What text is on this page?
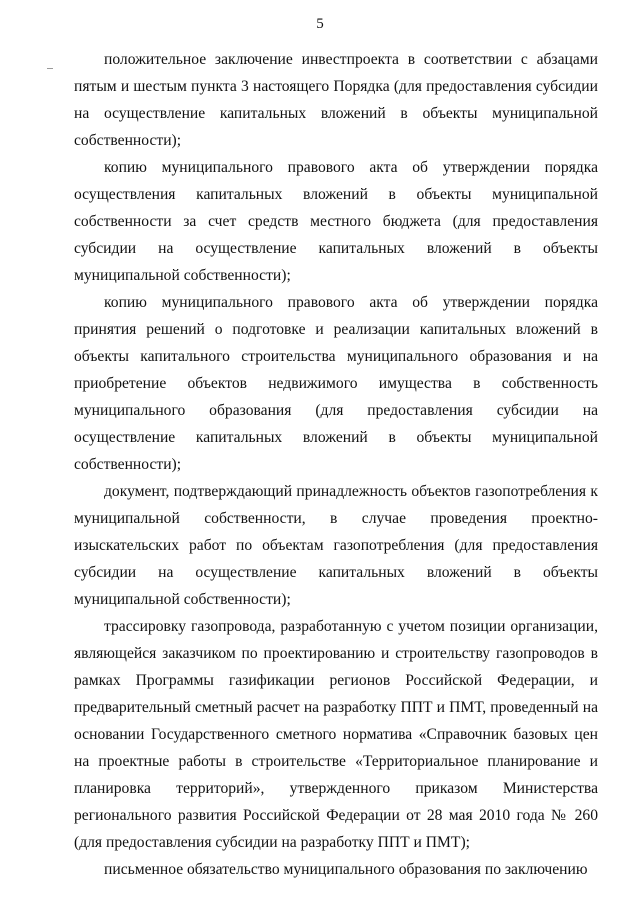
5

положительное заключение инвестпроекта в соответствии с абзацами пятым и шестым пункта 3 настоящего Порядка (для предоставления субсидии на осуществление капитальных вложений в объекты муниципальной собственности);

копию муниципального правового акта об утверждении порядка осуществления капитальных вложений в объекты муниципальной собственности за счет средств местного бюджета (для предоставления субсидии на осуществление капитальных вложений в объекты муниципальной собственности);

копию муниципального правового акта об утверждении порядка принятия решений о подготовке и реализации капитальных вложений в объекты капитального строительства муниципального образования и на приобретение объектов недвижимого имущества в собственность муниципального образования (для предоставления субсидии на осуществление капитальных вложений в объекты муниципальной собственности);

документ, подтверждающий принадлежность объектов газопотребления к муниципальной собственности, в случае проведения проектно-изыскательских работ по объектам газопотребления (для предоставления субсидии на осуществление капитальных вложений в объекты муниципальной собственности);

трассировку газопровода, разработанную с учетом позиции организации, являющейся заказчиком по проектированию и строительству газопроводов в рамках Программы газификации регионов Российской Федерации, и предварительный сметный расчет на разработку ППТ и ПМТ, проведенный на основании Государственного сметного норматива «Справочник базовых цен на проектные работы в строительстве «Территориальное планирование и планировка территорий», утвержденного приказом Министерства регионального развития Российской Федерации от 28 мая 2010 года № 260 (для предоставления субсидии на разработку ППТ и ПМТ);

письменное обязательство муниципального образования по заключению
